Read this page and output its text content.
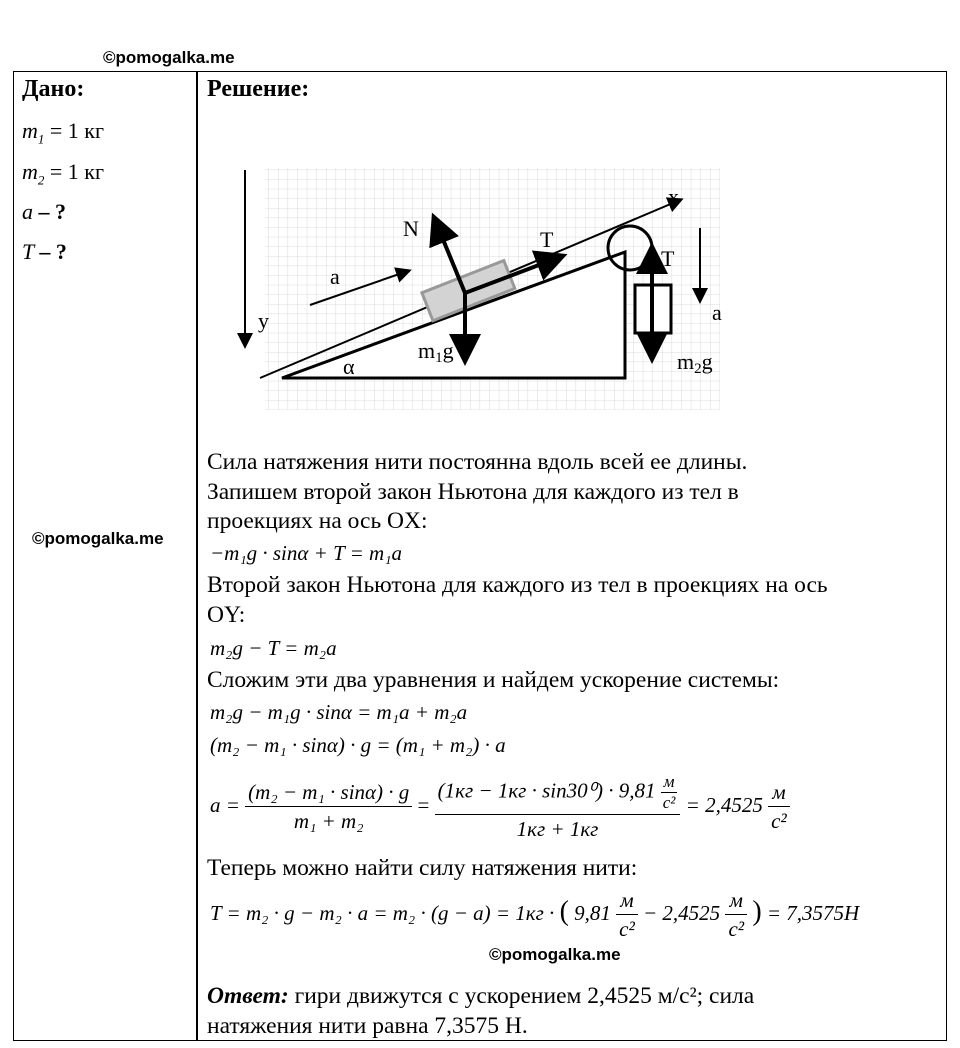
©pomogalka.me
©pomogalka.me
©pomogalka.me
Дано:	Решение:
$m_1 = 1$ кг
$m_2 = 1$ кг
a – ?
T – ?
x
y
N	T
T
a
a
α
m1g	m2g
Сила натяжения нити постоянна вдоль всей ее длины.
Запишем второй закон Ньютона для каждого из тел в
проекциях на ось OX:
−m₁g · sinα + T = m₁a
Второй закон Ньютона для каждого из тел в проекциях на ось
OY:
m₂g − T = m₂a
Сложим эти два уравнения и найдем ускорение системы:
m₂g − m₁g · sinα = m₁a + m₂a
(m₂ − m₁ · sinα) · g = (m₁ + m₂) · a
$a = \frac{\text{(m₂ − m₁ · sinα) · g}}{\text{m₁ + m₂}} = \frac{(1кг - 1кг \cdot \sin 30^0) \cdot 9,81 \frac{м}{\text{с²}}}{1кг + 1кг} = 2,4525 \frac{м}{\text{с²}}$
Теперь можно найти силу натяжения нити:
T = m₂ · g − m₂ · a = m₂ · (g − a) = 1кг · ( $9,81 \frac{м}{\text{с²}} - 2,4525 \frac{м}{\text{с²}}$ ) = 7,3575H
Ответ: гири движутся с ускорением 2,4525 м/с²; сила
натяжения нити равна 7,3575 Н.
